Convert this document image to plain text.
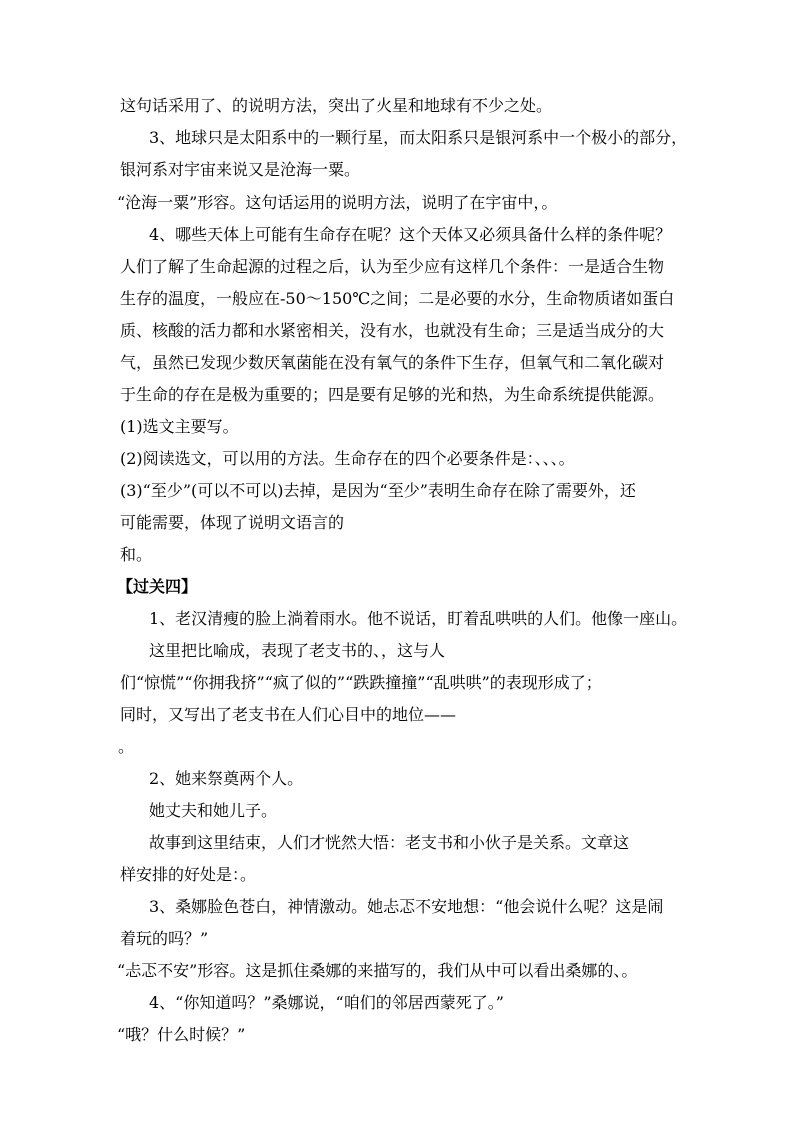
这句话采用了、的说明方法，突出了火星和地球有不少之处。
3、地球只是太阳系中的一颗行星，而太阳系只是银河系中一个极小的部分，
银河系对宇宙来说又是沧海一粟。
“沧海一粟”形容。这句话运用的说明方法，说明了在宇宙中，。
4、哪些天体上可能有生命存在呢？这个天体又必须具备什么样的条件呢？
人们了解了生命起源的过程之后，认为至少应有这样几个条件：一是适合生物
生存的温度，一般应在-50～150℃之间；二是必要的水分，生命物质诸如蛋白
质、核酸的活力都和水紧密相关，没有水，也就没有生命；三是适当成分的大
气，虽然已发现少数厌氧菌能在没有氧气的条件下生存，但氧气和二氧化碳对
于生命的存在是极为重要的；四是要有足够的光和热，为生命系统提供能源。
(1)选文主要写。
(2)阅读选文，可以用的方法。生命存在的四个必要条件是：、、、。
(3)“至少”(可以不可以)去掉，是因为“至少”表明生命存在除了需要外，还
可能需要，体现了说明文语言的
和。
【过关四】
1、老汉清瘦的脸上淌着雨水。他不说话，盯着乱哄哄的人们。他像一座山。
这里把比喻成，表现了老支书的、，这与人
们“惊慌”“你拥我挤”“疯了似的”“跌跌撞撞”“乱哄哄”的表现形成了；
同时，又写出了老支书在人们心目中的地位——
。
2、她来祭奠两个人。
她丈夫和她儿子。
故事到这里结束，人们才恍然大悟：老支书和小伙子是关系。文章这
样安排的好处是：。
3、桑娜脸色苍白，神情激动。她忐忑不安地想：“他会说什么呢？这是闹
着玩的吗？”
“忐忑不安”形容。这是抓住桑娜的来描写的，我们从中可以看出桑娜的、。
4、“你知道吗？”桑娜说，“咱们的邻居西蒙死了。”
“哦？什么时候？”
